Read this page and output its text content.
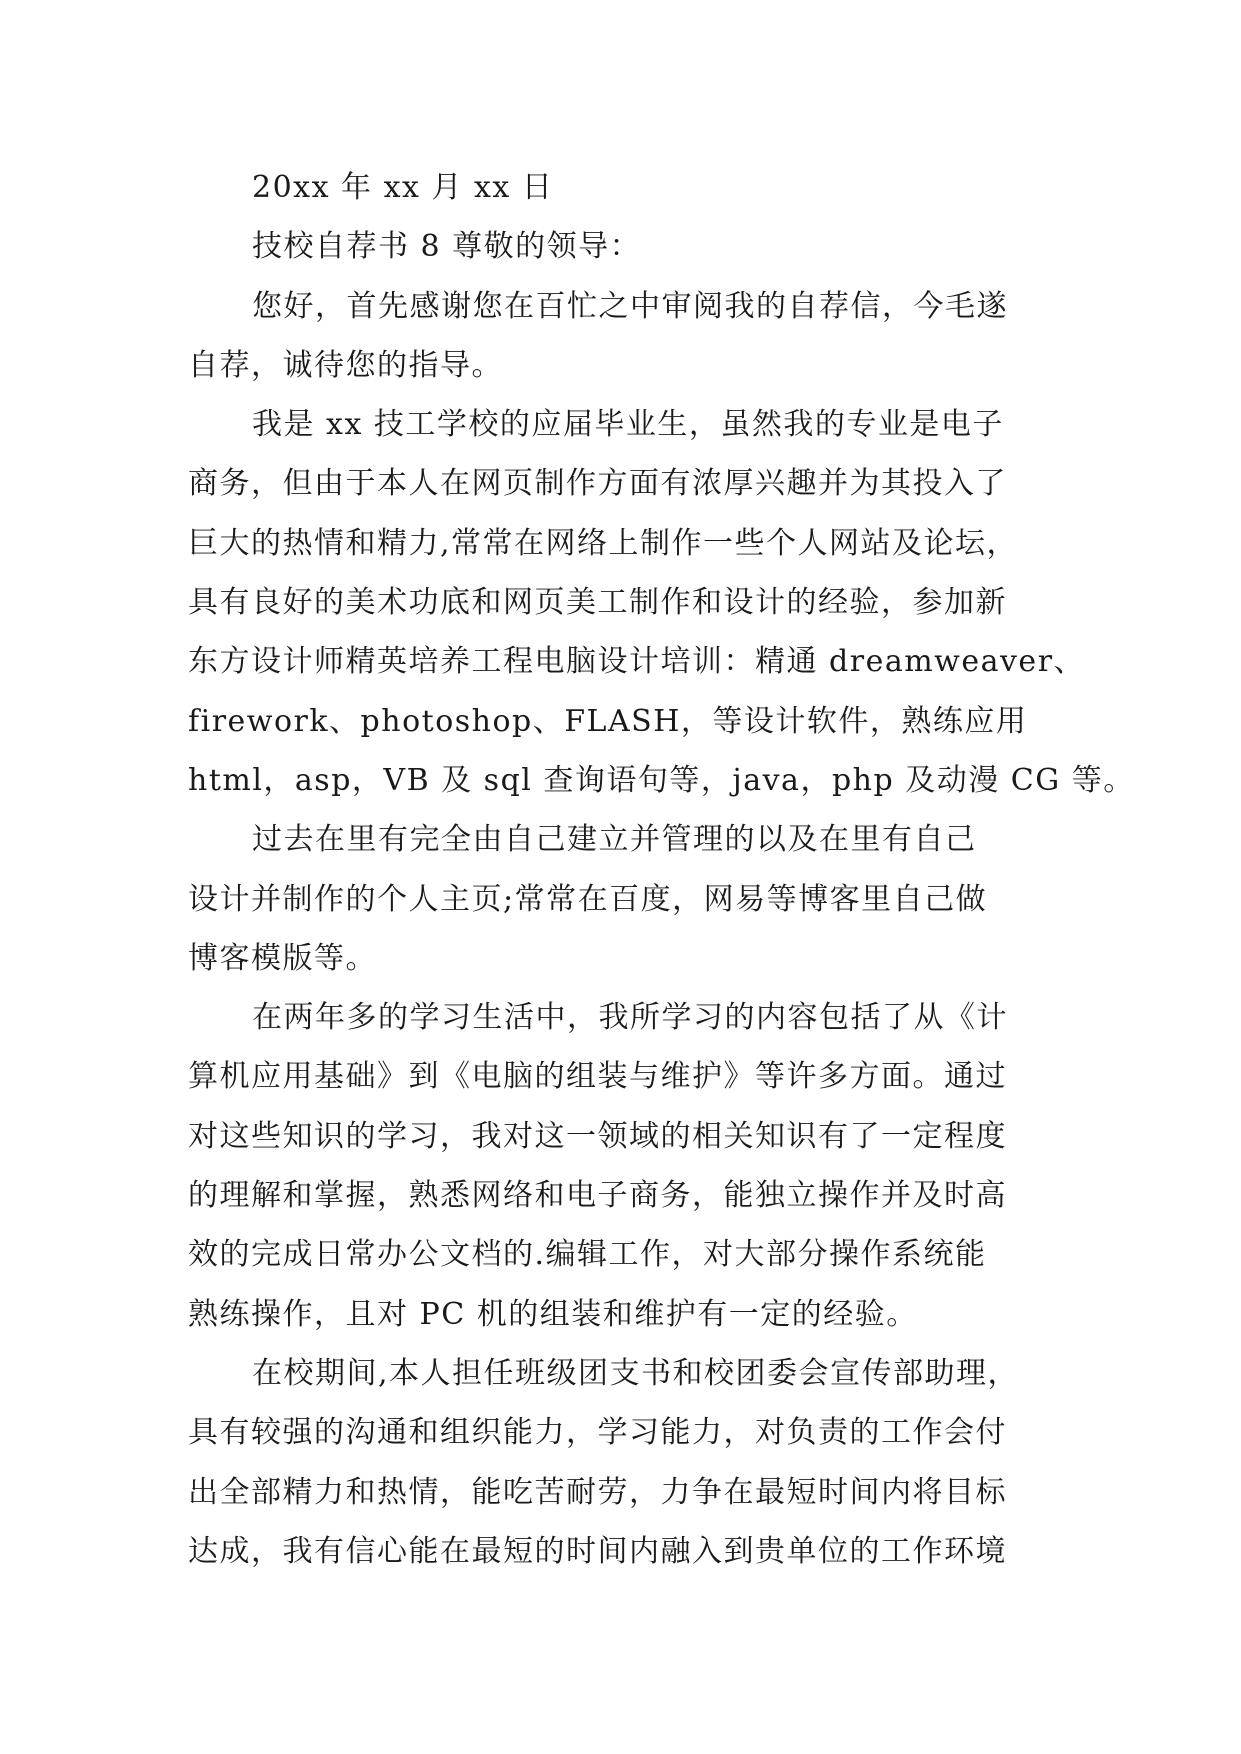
20xx 年 xx 月 xx 日
技校自荐书 8 尊敬的领导：
您好，首先感谢您在百忙之中审阅我的自荐信，今毛遂
自荐，诚待您的指导。
我是 xx 技工学校的应届毕业生，虽然我的专业是电子
商务，但由于本人在网页制作方面有浓厚兴趣并为其投入了
巨大的热情和精力,常常在网络上制作一些个人网站及论坛，
具有良好的美术功底和网页美工制作和设计的经验，参加新
东方设计师精英培养工程电脑设计培训：精通 dreamweaver、
firework、photoshop、FLASH，等设计软件，熟练应用
html，asp，VB 及 sql 查询语句等，java，php 及动漫 CG 等。
过去在里有完全由自己建立并管理的以及在里有自己
设计并制作的个人主页;常常在百度，网易等博客里自己做
博客模版等。
在两年多的学习生活中，我所学习的内容包括了从《计
算机应用基础》到《电脑的组装与维护》等许多方面。通过
对这些知识的学习，我对这一领域的相关知识有了一定程度
的理解和掌握，熟悉网络和电子商务，能独立操作并及时高
效的完成日常办公文档的.编辑工作，对大部分操作系统能
熟练操作，且对 PC 机的组装和维护有一定的经验。
在校期间,本人担任班级团支书和校团委会宣传部助理，
具有较强的沟通和组织能力，学习能力，对负责的工作会付
出全部精力和热情，能吃苦耐劳，力争在最短时间内将目标
达成，我有信心能在最短的时间内融入到贵单位的工作环境
